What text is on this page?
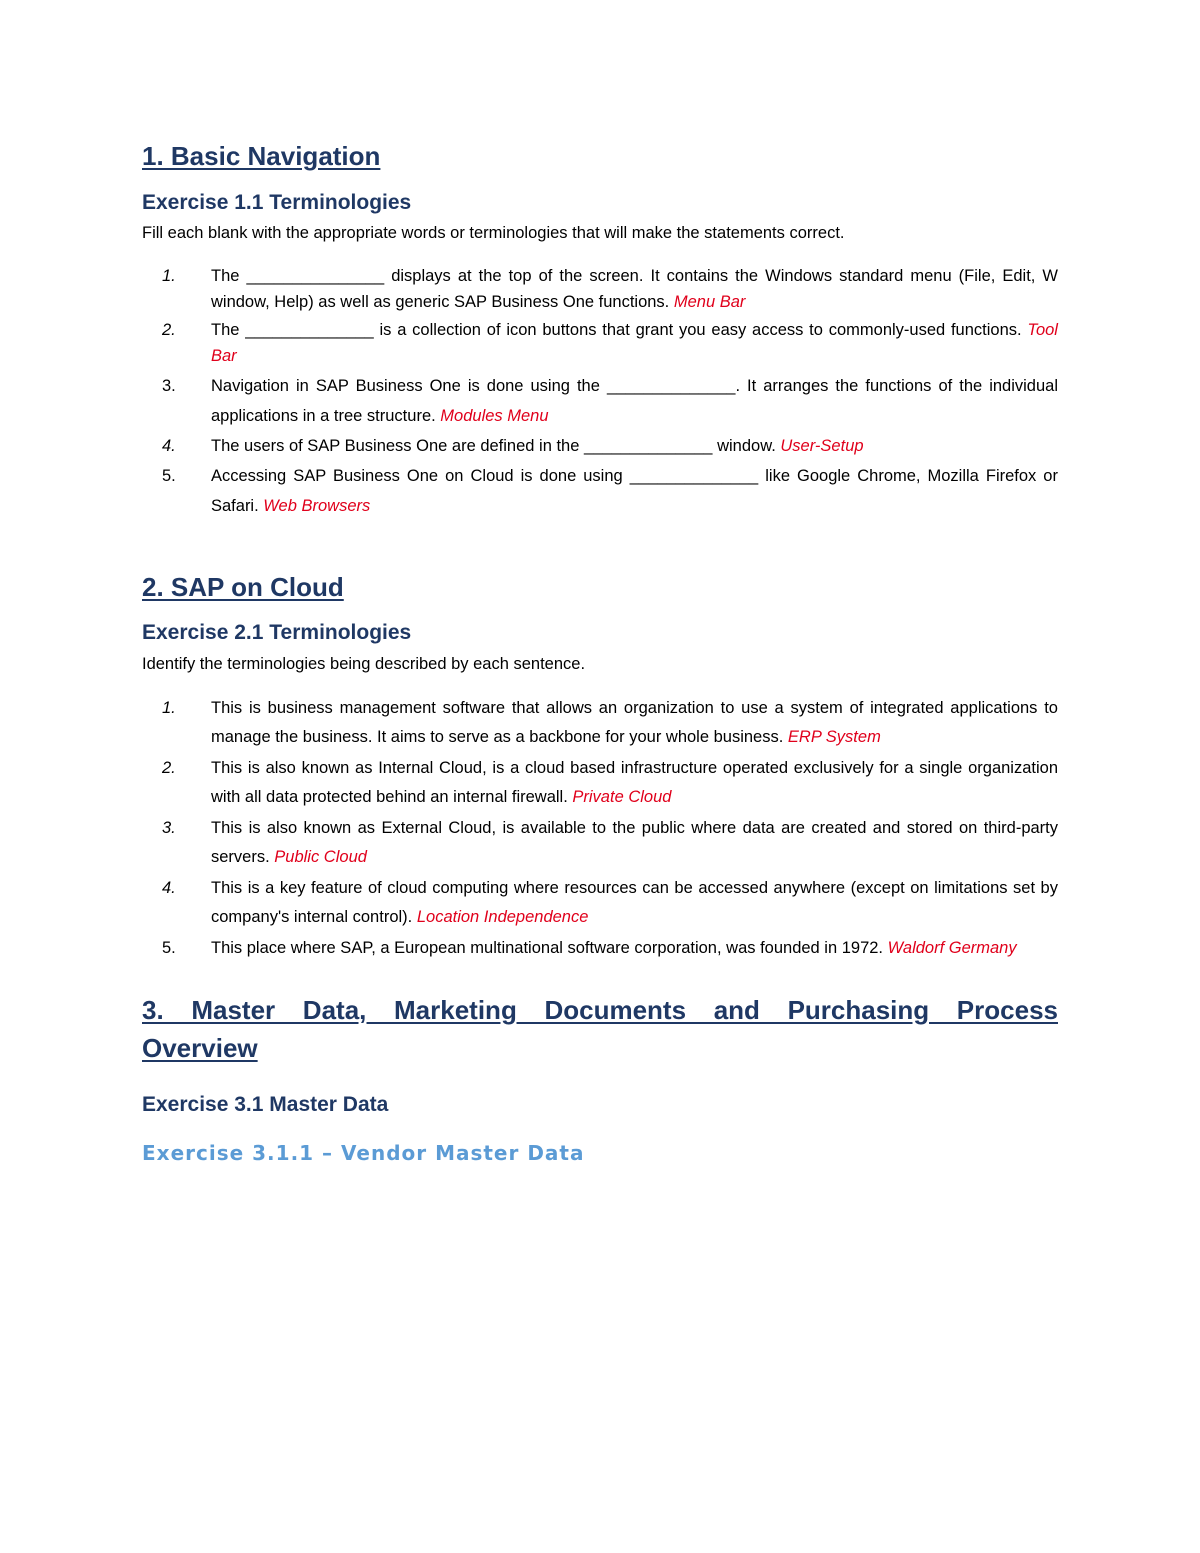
1. Basic Navigation
Exercise 1.1 Terminologies

Fill each blank with the appropriate words or terminologies that will make the statements correct.

1. The _______________ displays at the top of the screen. It contains the Windows standard menu (File, Edit, W window, Help) as well as generic SAP Business One functions. Menu Bar
2. The ______________ is a collection of icon buttons that grant you easy access to commonly-used functions. Tool Bar
3. Navigation in SAP Business One is done using the ______________. It arranges the functions of the individual applications in a tree structure. Modules Menu
4. The users of SAP Business One are defined in the ______________ window. User-Setup
5. Accessing SAP Business One on Cloud is done using ______________ like Google Chrome, Mozilla Firefox or Safari. Web Browsers
2. SAP on Cloud
Exercise 2.1 Terminologies

Identify the terminologies being described by each sentence.

1. This is business management software that allows an organization to use a system of integrated applications to manage the business. It aims to serve as a backbone for your whole business. ERP System
2. This is also known as Internal Cloud, is a cloud based infrastructure operated exclusively for a single organization with all data protected behind an internal firewall. Private Cloud
3. This is also known as External Cloud, is available to the public where data are created and stored on third-party servers. Public Cloud
4. This is a key feature of cloud computing where resources can be accessed anywhere (except on limitations set by company's internal control). Location Independence
5. This place where SAP, a European multinational software corporation, was founded in 1972. Waldorf Germany
3. Master Data, Marketing Documents and Purchasing Process Overview
Exercise 3.1 Master Data
Exercise 3.1.1 – Vendor Master Data
